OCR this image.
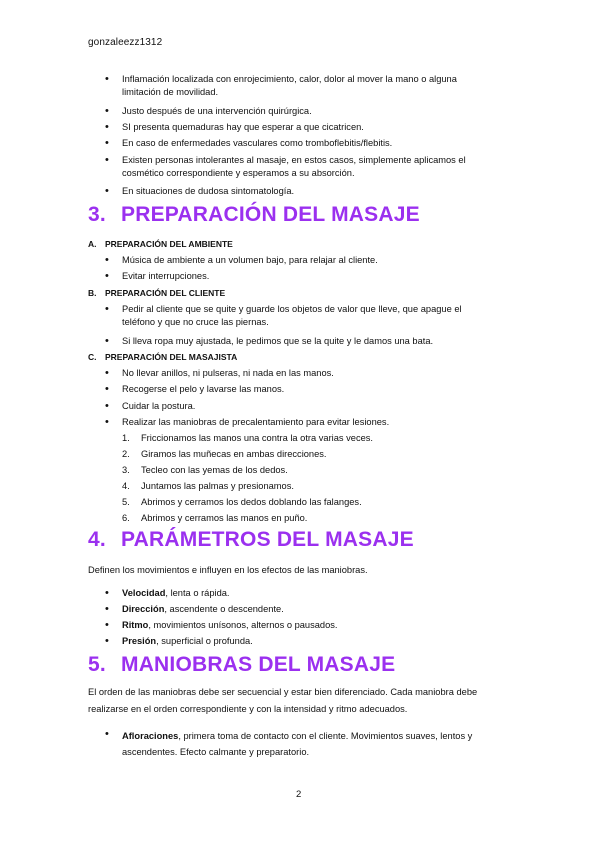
gonzaleezz1312
• Inflamación localizada con enrojecimiento, calor, dolor al mover la mano o alguna
limitación de movilidad.
• Justo después de una intervención quirúrgica.
• SI presenta quemaduras hay que esperar a que cicatricen.
• En caso de enfermedades vasculares como tromboflebitis/flebitis.
• Existen personas intolerantes al masaje, en estos casos, simplemente aplicamos el
cosmético correspondiente y esperamos a su absorción.
• En situaciones de dudosa sintomatología.
3. PREPARACIÓN DEL MASAJE
A. PREPARACIÓN DEL AMBIENTE
• Música de ambiente a un volumen bajo, para relajar al cliente.
• Evitar interrupciones.
B. PREPARACIÓN DEL CLIENTE
• Pedir al cliente que se quite y guarde los objetos de valor que lleve, que apague el
teléfono y que no cruce las piernas.
• Si lleva ropa muy ajustada, le pedimos que se la quite y le damos una bata.
C. PREPARACIÓN DEL MASAJISTA
• No llevar anillos, ni pulseras, ni nada en las manos.
• Recogerse el pelo y lavarse las manos.
• Cuidar la postura.
• Realizar las maniobras de precalentamiento para evitar lesiones.
1. Friccionamos las manos una contra la otra varias veces.
2. Giramos las muñecas en ambas direcciones.
3. Tecleo con las yemas de los dedos.
4. Juntamos las palmas y presionamos.
5. Abrimos y cerramos los dedos doblando las falanges.
6. Abrimos y cerramos las manos en puño.
4. PARÁMETROS DEL MASAJE
Definen los movimientos e influyen en los efectos de las maniobras.
• Velocidad, lenta o rápida.
• Dirección, ascendente o descendente.
• Ritmo, movimientos unísonos, alternos o pausados.
• Presión, superficial o profunda.
5. MANIOBRAS DEL MASAJE
El orden de las maniobras debe ser secuencial y estar bien diferenciado. Cada maniobra debe
realizarse en el orden correspondiente y con la intensidad y ritmo adecuados.
• Afloraciones, primera toma de contacto con el cliente. Movimientos suaves, lentos y
ascendentes. Efecto calmante y preparatorio.
2
